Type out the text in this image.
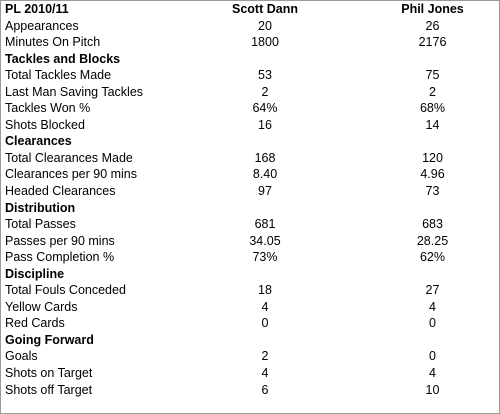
PL 2010/11	Scott Dann		Phil Jones
Appearances	20		26
Minutes On Pitch	1800		2176
Tackles and Blocks			
Total Tackles Made	53		75
Last Man Saving Tackles	2		2
Tackles Won %	64%		68%
Shots Blocked	16		14
Clearances			
Total Clearances Made	168		120
Clearances per 90 mins	8.40		4.96
Headed Clearances	97		73
Distribution			
Total Passes	681		683
Passes per 90 mins	34.05		28.25
Pass Completion %	73%		62%
Discipline			
Total Fouls Conceded	18		27
Yellow Cards	4		4
Red Cards	0		0
Going Forward			
Goals	2		0
Shots on Target	4		4
Shots off Target	6		10
